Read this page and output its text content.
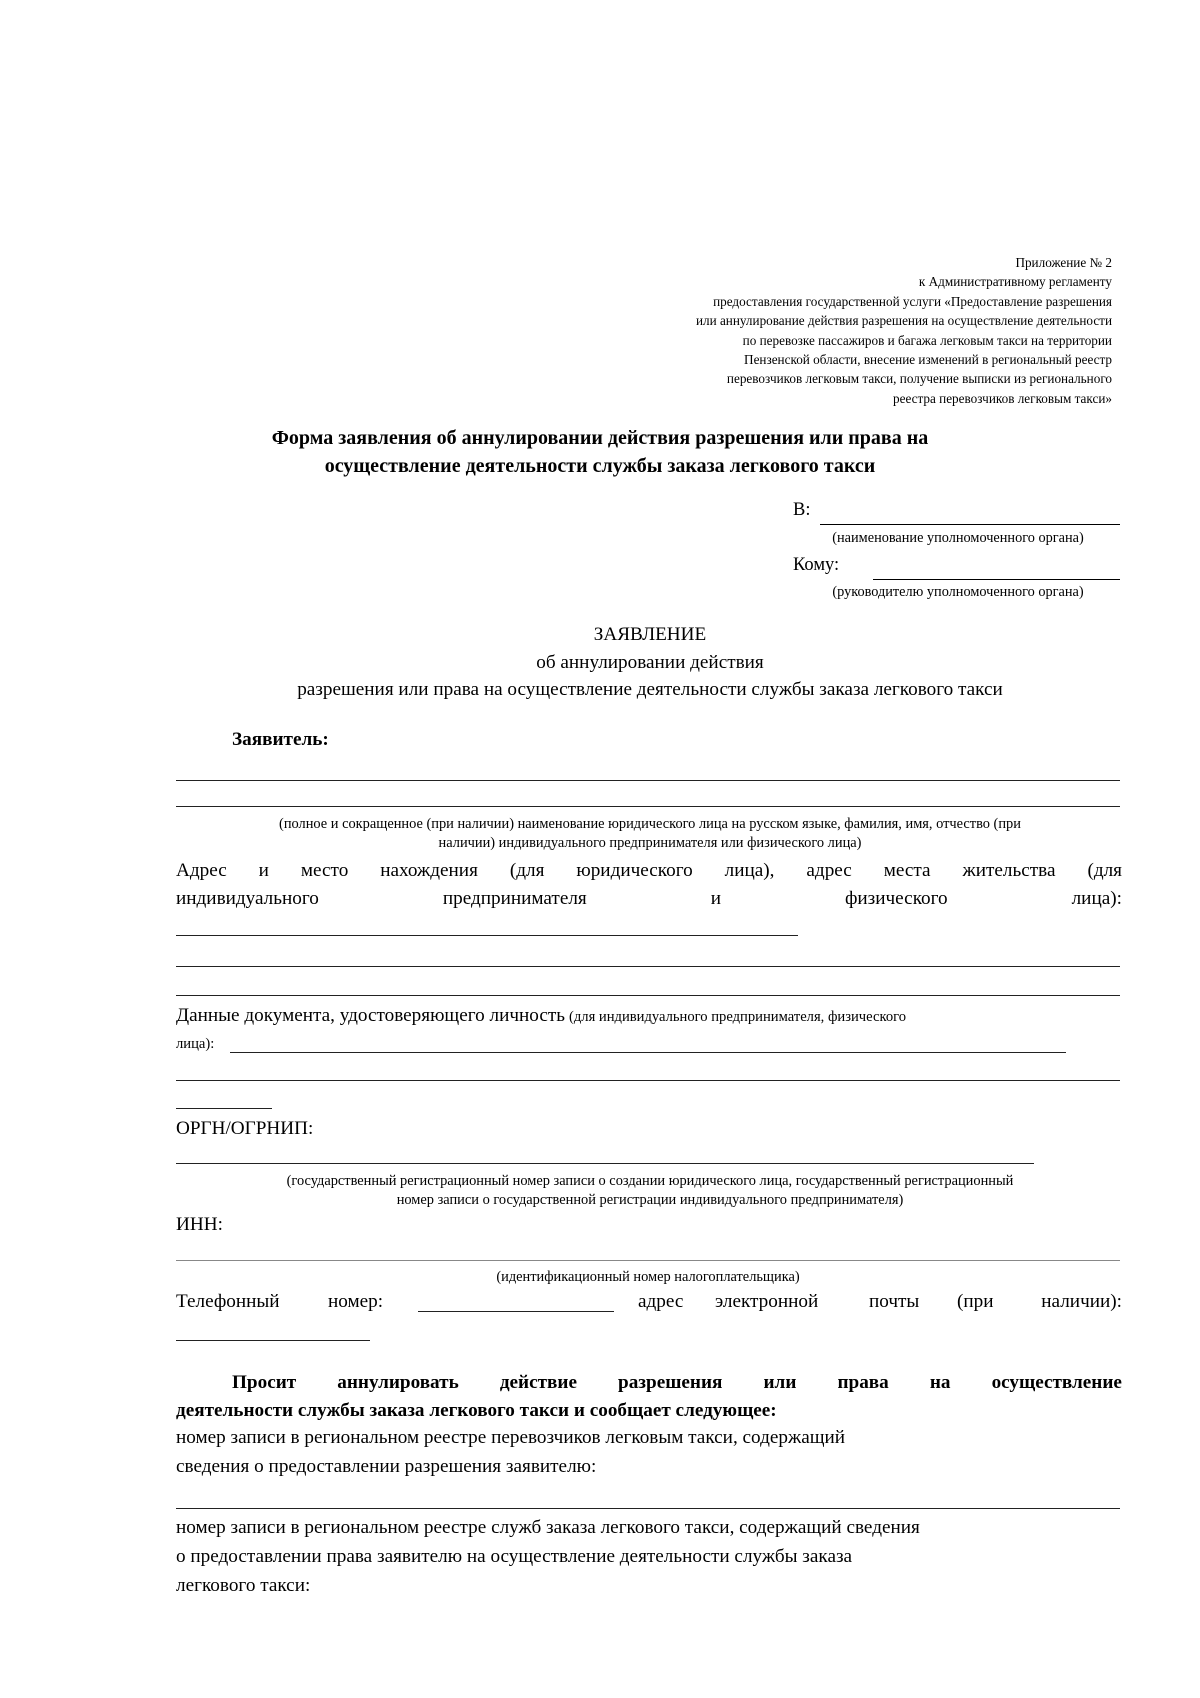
Приложение № 2
к Административному регламенту
предоставления государственной услуги «Предоставление разрешения
или аннулирование действия разрешения на осуществление деятельности
по перевозке пассажиров и багажа легковым такси на территории
Пензенской области, внесение изменений в региональный реестр
перевозчиков легковым такси, получение выписки из регионального
реестра перевозчиков легковым такси»
Форма заявления об аннулировании действия разрешения или права на
осуществление деятельности службы заказа легкового такси
В:
(наименование уполномоченного органа)
Кому:
(руководителю уполномоченного органа)
ЗАЯВЛЕНИЕ
об аннулировании действия
разрешения или права на осуществление деятельности службы заказа легкового такси
Заявитель:
(полное и сокращенное (при наличии) наименование юридического лица на русском языке, фамилия, имя, отчество (при
наличии) индивидуального предпринимателя или физического лица)
Адрес и место нахождения (для юридического лица), адрес места жительства (для
индивидуального	предпринимателя	и	физического	лица):
Данные документа, удостоверяющего личность (для индивидуального предпринимателя, физического
лица):
ОРГН/ОГРНИП:
(государственный регистрационный номер записи о создании юридического лица, государственный регистрационный
номер записи о государственной регистрации индивидуального предпринимателя)
ИНН:
(идентификационный номер налогоплательщика)
Телефонный	номер:	адрес электронной	почты (при наличии):
Просит аннулировать действие разрешения или права на осуществление
деятельности службы заказа легкового такси и сообщает следующее:
номер записи в региональном реестре перевозчиков легковым такси, содержащий
сведения о предоставлении разрешения заявителю:
номер записи в региональном реестре служб заказа легкового такси, содержащий сведения
о предоставлении права заявителю на осуществление деятельности службы заказа
легкового такси:
